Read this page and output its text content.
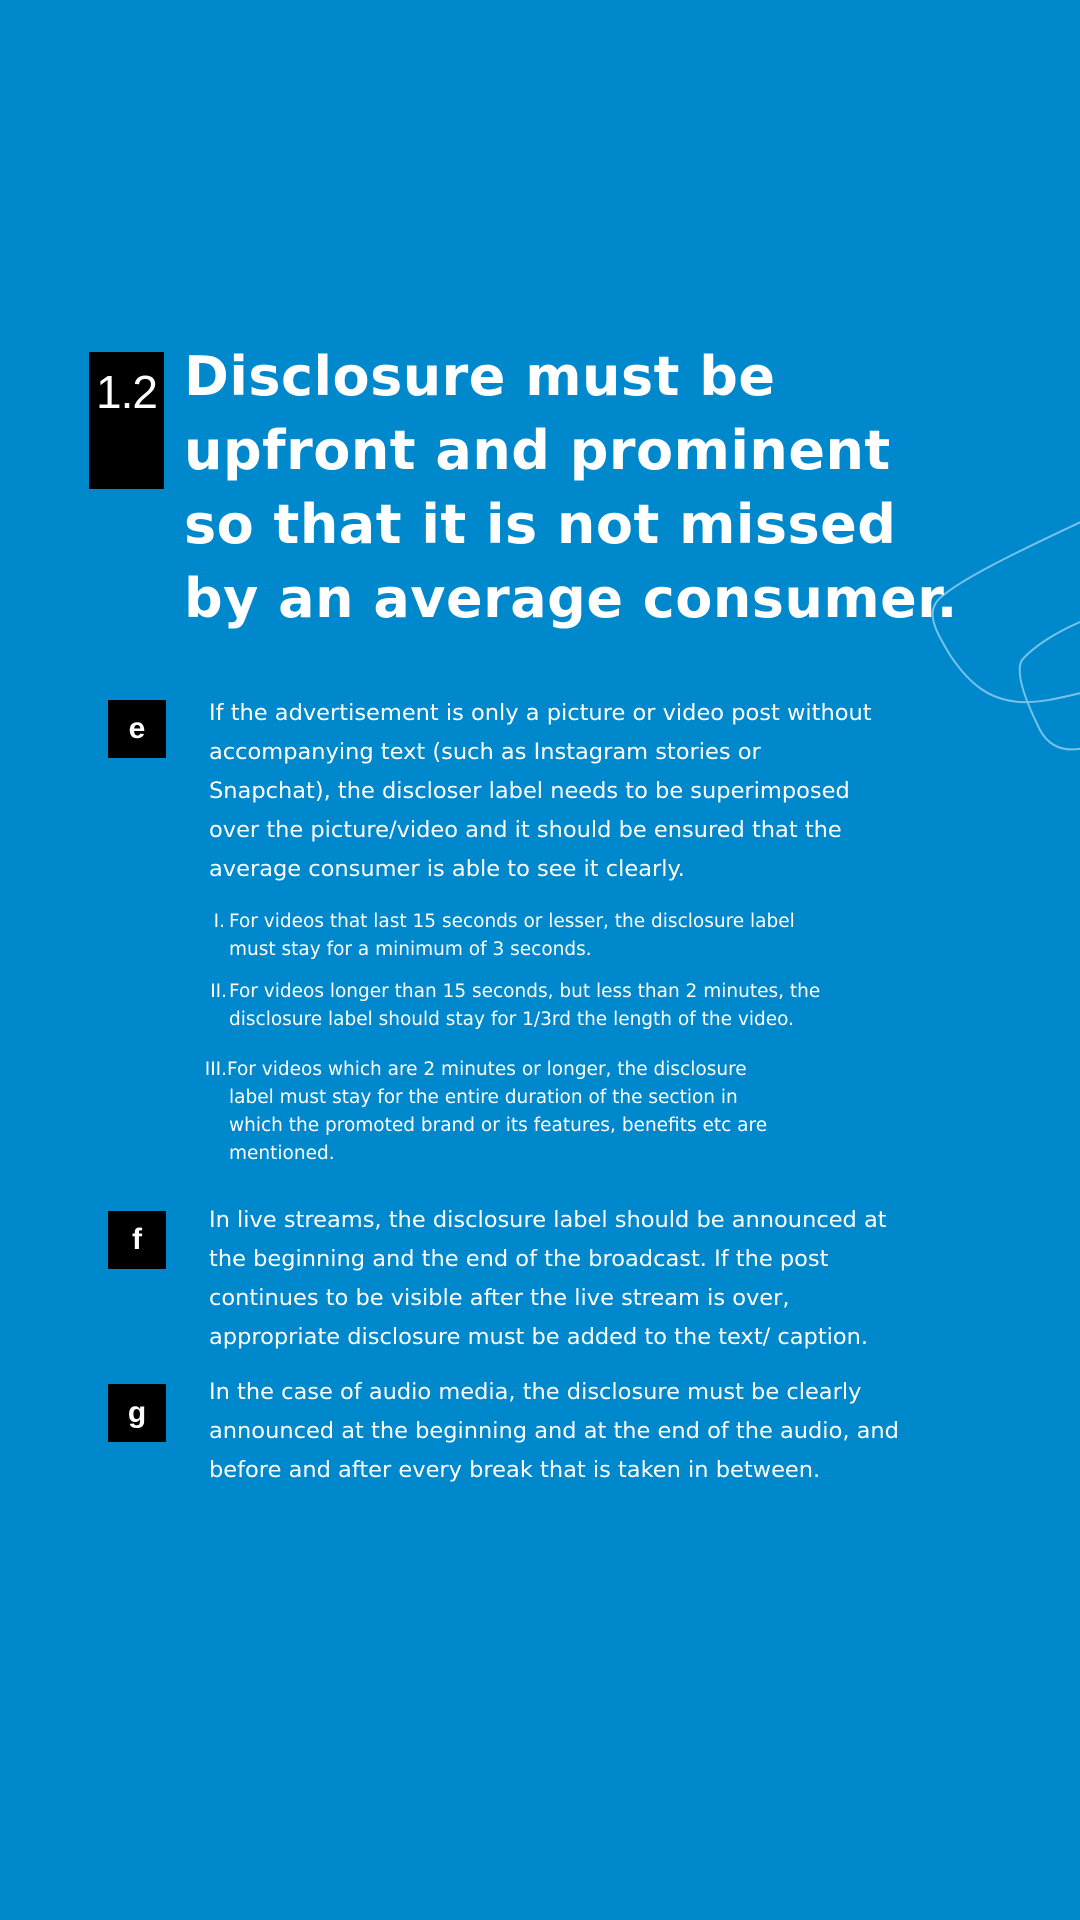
1.2 Disclosure must be
upfront and prominent
so that it is not missed
by an average consumer.
e	If the advertisement is only a picture or video post without
accompanying text (such as Instagram stories or
Snapchat), the discloser label needs to be superimposed
over the picture/video and it should be ensured that the
average consumer is able to see it clearly.

I. For videos that last 15 seconds or lesser, the disclosure label
must stay for a minimum of 3 seconds.
II. For videos longer than 15 seconds, but less than 2 minutes, the
disclosure label should stay for 1/3rd the length of the video.
III. For videos which are 2 minutes or longer, the disclosure
label must stay for the entire duration of the section in
which the promoted brand or its features, benefits etc are
mentioned.
f

In live streams, the disclosure label should be announced at
the beginning and the end of the broadcast. If the post
continues to be visible after the live stream is over,
appropriate disclosure must be added to the text/ caption.

g

In the case of audio media, the disclosure must be clearly
announced at the beginning and at the end of the audio, and
before and after every break that is taken in between.
